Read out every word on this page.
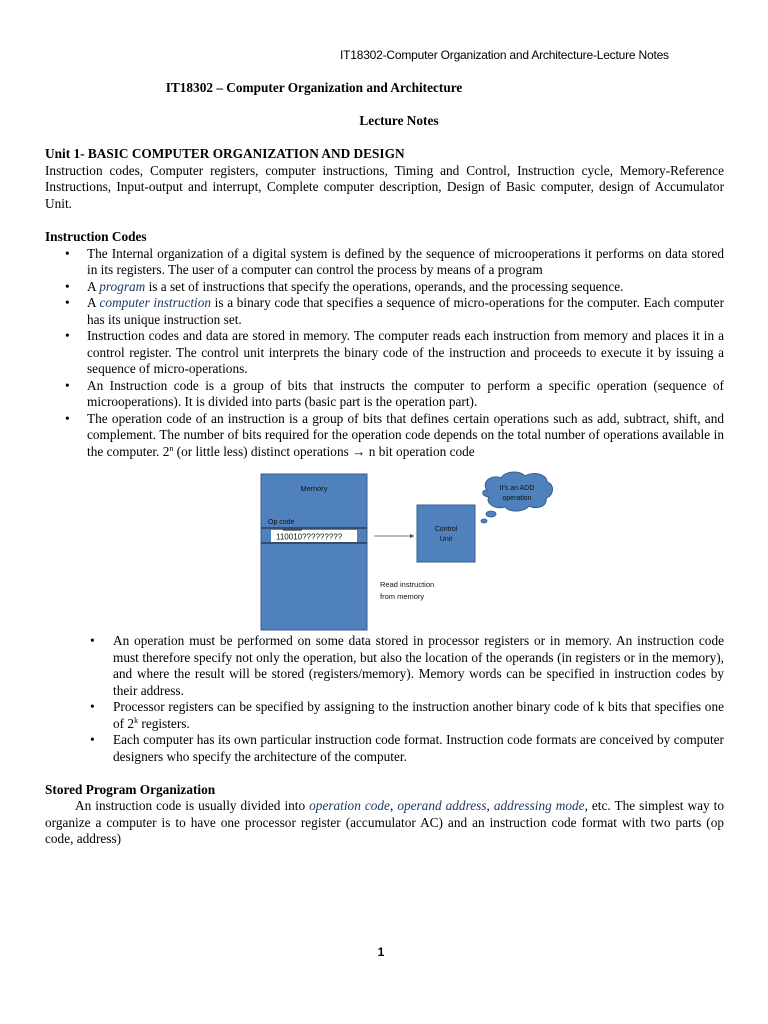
IT18302-Computer Organization and Architecture-Lecture Notes
IT18302 – Computer Organization and Architecture
Lecture Notes
Unit 1- BASIC COMPUTER ORGANIZATION AND DESIGN
Instruction codes, Computer registers, computer instructions, Timing and Control, Instruction cycle, Memory-Reference Instructions, Input-output and interrupt, Complete computer description, Design of Basic computer, design of Accumulator Unit.
Instruction Codes
• The Internal organization of a digital system is defined by the sequence of microoperations it performs on data stored in its registers. The user of a computer can control the process by means of a program
• A program is a set of instructions that specify the operations, operands, and the processing sequence.
• A computer instruction is a binary code that specifies a sequence of micro-operations for the computer. Each computer has its unique instruction set.
• Instruction codes and data are stored in memory. The computer reads each instruction from memory and places it in a control register. The control unit interprets the binary code of the instruction and proceeds to execute it by issuing a sequence of micro-operations.
• An Instruction code is a group of bits that instructs the computer to perform a specific operation (sequence of microoperations). It is divided into parts (basic part is the operation part).
• The operation code of an instruction is a group of bits that defines certain operations such as add, subtract, shift, and complement. The number of bits required for the operation code depends on the total number of operations available in the computer. 2$^n$ (or little less) distinct operations → n bit operation code
Memory
Op code
110010?????????
Control
Unit
It's an ADD
operation
Read instruction
from memory
• An operation must be performed on some data stored in processor registers or in memory. An instruction code must therefore specify not only the operation, but also the location of the operands (in registers or in the memory), and where the result will be stored (registers/memory). Memory words can be specified in instruction codes by their address.
• Processor registers can be specified by assigning to the instruction another binary code of k bits that specifies one of 2$^k$ registers.
• Each computer has its own particular instruction code format. Instruction code formats are conceived by computer designers who specify the architecture of the computer.
Stored Program Organization
An instruction code is usually divided into operation code, operand address, addressing mode, etc. The simplest way to organize a computer is to have one processor register (accumulator AC) and an instruction code format with two parts (op code, address)
1
